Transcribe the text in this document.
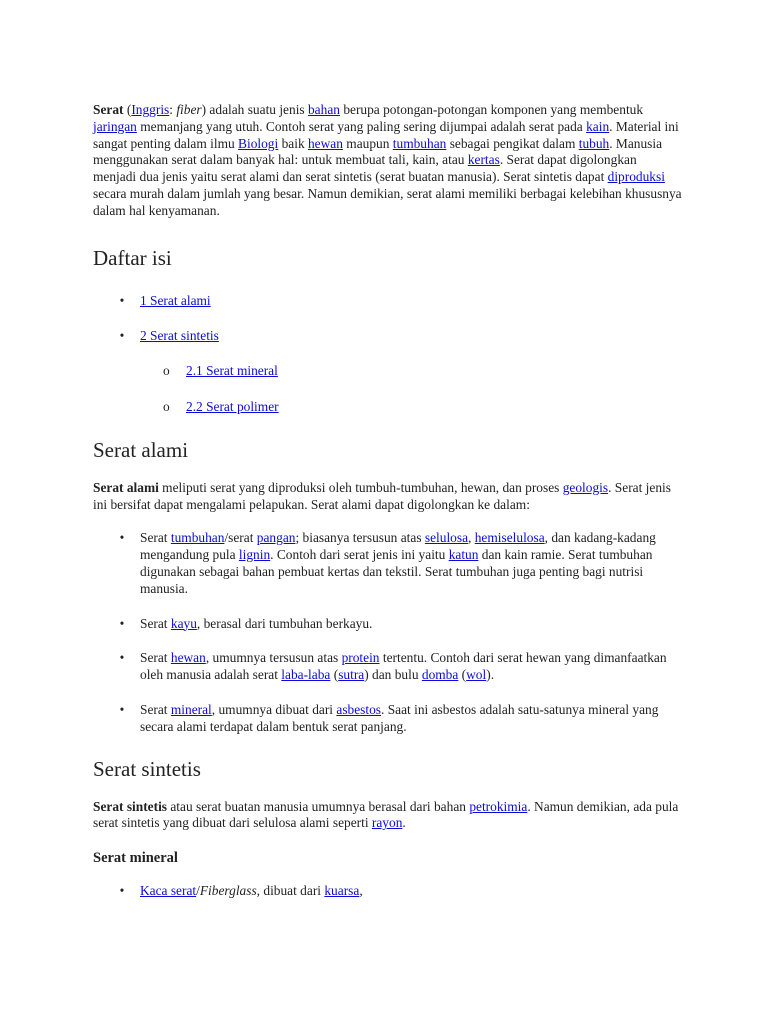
Serat (Inggris: fiber) adalah suatu jenis bahan berupa potongan-potongan komponen yang membentuk jaringan memanjang yang utuh. Contoh serat yang paling sering dijumpai adalah serat pada kain. Material ini sangat penting dalam ilmu Biologi baik hewan maupun tumbuhan sebagai pengikat dalam tubuh. Manusia menggunakan serat dalam banyak hal: untuk membuat tali, kain, atau kertas. Serat dapat digolongkan menjadi dua jenis yaitu serat alami dan serat sintetis (serat buatan manusia). Serat sintetis dapat diproduksi secara murah dalam jumlah yang besar. Namun demikian, serat alami memiliki berbagai kelebihan khususnya dalam hal kenyamanan.

Daftar isi
• 1 Serat alami
• 2 Serat sintetis
o 2.1 Serat mineral
o 2.2 Serat polimer
Serat alami

Serat alami meliputi serat yang diproduksi oleh tumbuh-tumbuhan, hewan, dan proses geologis. Serat jenis ini bersifat dapat mengalami pelapukan. Serat alami dapat digolongkan ke dalam:

• Serat tumbuhan/serat pangan; biasanya tersusun atas selulosa, hemiselulosa, dan kadang-kadang mengandung pula lignin. Contoh dari serat jenis ini yaitu katun dan kain ramie. Serat tumbuhan digunakan sebagai bahan pembuat kertas dan tekstil. Serat tumbuhan juga penting bagi nutrisi manusia.
• Serat kayu, berasal dari tumbuhan berkayu.
• Serat hewan, umumnya tersusun atas protein tertentu. Contoh dari serat hewan yang dimanfaatkan oleh manusia adalah serat laba-laba (sutra) dan bulu domba (wol).
• Serat mineral, umumnya dibuat dari asbestos. Saat ini asbestos adalah satu-satunya mineral yang secara alami terdapat dalam bentuk serat panjang.
Serat sintetis

Serat sintetis atau serat buatan manusia umumnya berasal dari bahan petrokimia. Namun demikian, ada pula serat sintetis yang dibuat dari selulosa alami seperti rayon.

Serat mineral
• Kaca serat/Fiberglass, dibuat dari kuarsa,
